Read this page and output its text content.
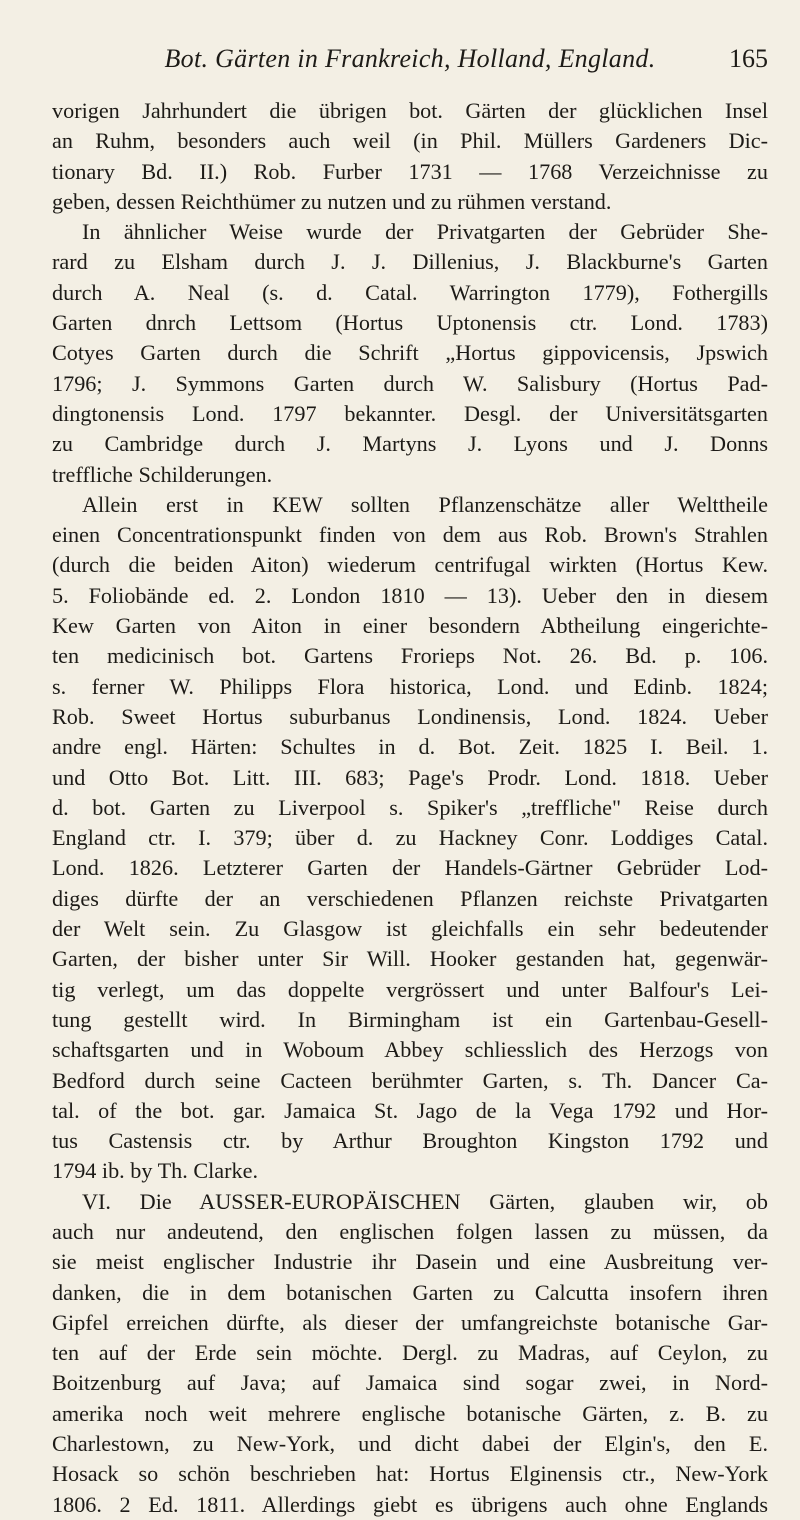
Bot. Gärten in Frankreich, Holland, England.	165
vorigen Jahrhundert die übrigen bot. Gärten der glücklichen Insel
an Ruhm, besonders auch weil (in Phil. Müllers Gardeners Dic-
tionary Bd. II.) Rob. Furber 1731 — 1768 Verzeichnisse zu
geben, dessen Reichthümer zu nutzen und zu rühmen verstand.
In ähnlicher Weise wurde der Privatgarten der Gebrüder She-
rard zu Elsham durch J. J. Dillenius, J. Blackburne's Garten
durch A. Neal (s. d. Catal. Warrington 1779), Fothergills
Garten dnrch Lettsom (Hortus Uptonensis ctr. Lond. 1783)
Cotyes Garten durch die Schrift „Hortus gippovicensis, Jpswich
1796; J. Symmons Garten durch W. Salisbury (Hortus Pad-
dingtonensis Lond. 1797 bekannter. Desgl. der Universitätsgarten
zu Cambridge durch J. Martyns J. Lyons und J. Donns
treffliche Schilderungen.
Allein erst in KEW sollten Pflanzenschätze aller Welttheile
einen Concentrationspunkt finden von dem aus Rob. Brown's Strahlen
(durch die beiden Aiton) wiederum centrifugal wirkten (Hortus Kew.
5. Foliobände ed. 2. London 1810 — 13). Ueber den in diesem
Kew Garten von Aiton in einer besondern Abtheilung eingerichte-
ten medicinisch bot. Gartens Frorieps Not. 26. Bd. p. 106.
s. ferner W. Philipps Flora historica, Lond. und Edinb. 1824;
Rob. Sweet Hortus suburbanus Londinensis, Lond. 1824. Ueber
andre engl. Härten: Schultes in d. Bot. Zeit. 1825 I. Beil. 1.
und Otto Bot. Litt. III. 683; Page's Prodr. Lond. 1818. Ueber
d. bot. Garten zu Liverpool s. Spiker's „treffliche" Reise durch
England ctr. I. 379; über d. zu Hackney Conr. Loddiges Catal.
Lond. 1826. Letzterer Garten der Handels-Gärtner Gebrüder Lod-
diges dürfte der an verschiedenen Pflanzen reichste Privatgarten
der Welt sein. Zu Glasgow ist gleichfalls ein sehr bedeutender
Garten, der bisher unter Sir Will. Hooker gestanden hat, gegenwär-
tig verlegt, um das doppelte vergrössert und unter Balfour's Lei-
tung gestellt wird. In Birmingham ist ein Gartenbau-Gesell-
schaftsgarten und in Woboum Abbey schliesslich des Herzogs von
Bedford durch seine Cacteen berühmter Garten, s. Th. Dancer Ca-
tal. of the bot. gar. Jamaica St. Jago de la Vega 1792 und Hor-
tus Castensis ctr. by Arthur Broughton Kingston 1792 und
1794 ib. by Th. Clarke.
VI. Die AUSSER-EUROPÄISCHEN Gärten, glauben wir, ob
auch nur andeutend, den englischen folgen lassen zu müssen, da
sie meist englischer Industrie ihr Dasein und eine Ausbreitung ver-
danken, die in dem botanischen Garten zu Calcutta insofern ihren
Gipfel erreichen dürfte, als dieser der umfangreichste botanische Gar-
ten auf der Erde sein möchte. Dergl. zu Madras, auf Ceylon, zu
Boitzenburg auf Java; auf Jamaica sind sogar zwei, in Nord-
amerika noch weit mehrere englische botanische Gärten, z. B. zu
Charlestown, zu New-York, und dicht dabei der Elgin's, den E.
Hosack so schön beschrieben hat: Hortus Elginensis ctr., New-York
1806. 2 Ed. 1811. Allerdings giebt es übrigens auch ohne Englands
